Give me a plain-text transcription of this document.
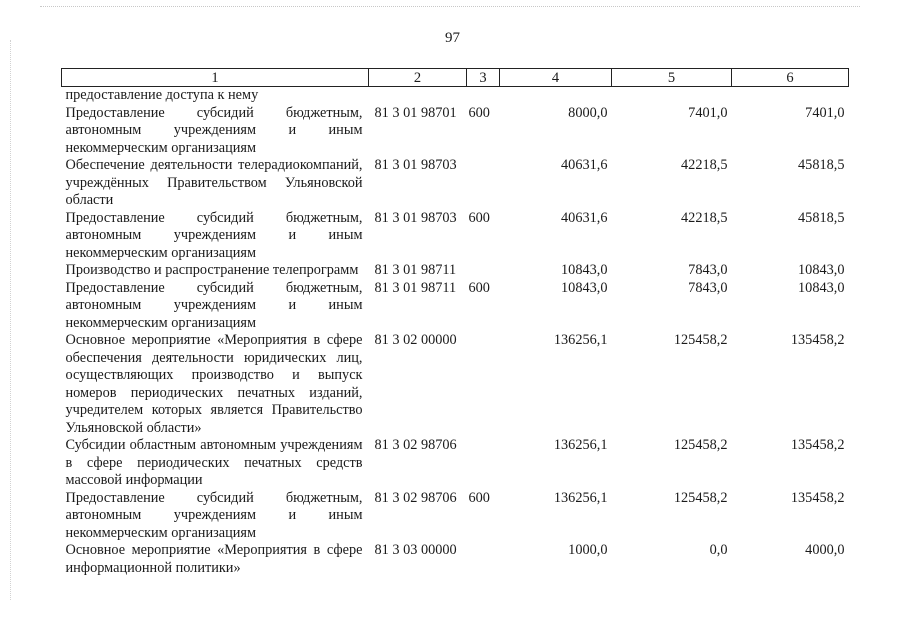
97
1	2	3	4	5	6
предоставление доступа к нему					
Предоставление субсидий бюджетным, автономным учреждениям и иным некоммерческим организациям	81 3 01 98701	600	8000,0	7401,0	7401,0
Обеспечение деятельности телерадиокомпаний, учреждённых Правительством Ульяновской области	81 3 01 98703		40631,6	42218,5	45818,5
Предоставление субсидий бюджетным, автономным учреждениям и иным некоммерческим организациям	81 3 01 98703	600	40631,6	42218,5	45818,5
Производство и распространение телепрограмм	81 3 01 98711		10843,0	7843,0	10843,0
Предоставление субсидий бюджетным, автономным учреждениям и иным некоммерческим организациям	81 3 01 98711	600	10843,0	7843,0	10843,0
Основное мероприятие «Мероприятия в сфере обеспечения деятельности юридических лиц, осуществляющих производство и выпуск номеров периодических печатных изданий, учредителем которых является Правительство Ульяновской области»	81 3 02 00000		136256,1	125458,2	135458,2
Субсидии областным автономным учреждениям в сфере периодических печатных средств массовой информации	81 3 02 98706		136256,1	125458,2	135458,2
Предоставление субсидий бюджетным, автономным учреждениям и иным некоммерческим организациям	81 3 02 98706	600	136256,1	125458,2	135458,2
Основное мероприятие «Мероприятия в сфере информационной политики»	81 3 03 00000		1000,0	0,0	4000,0
